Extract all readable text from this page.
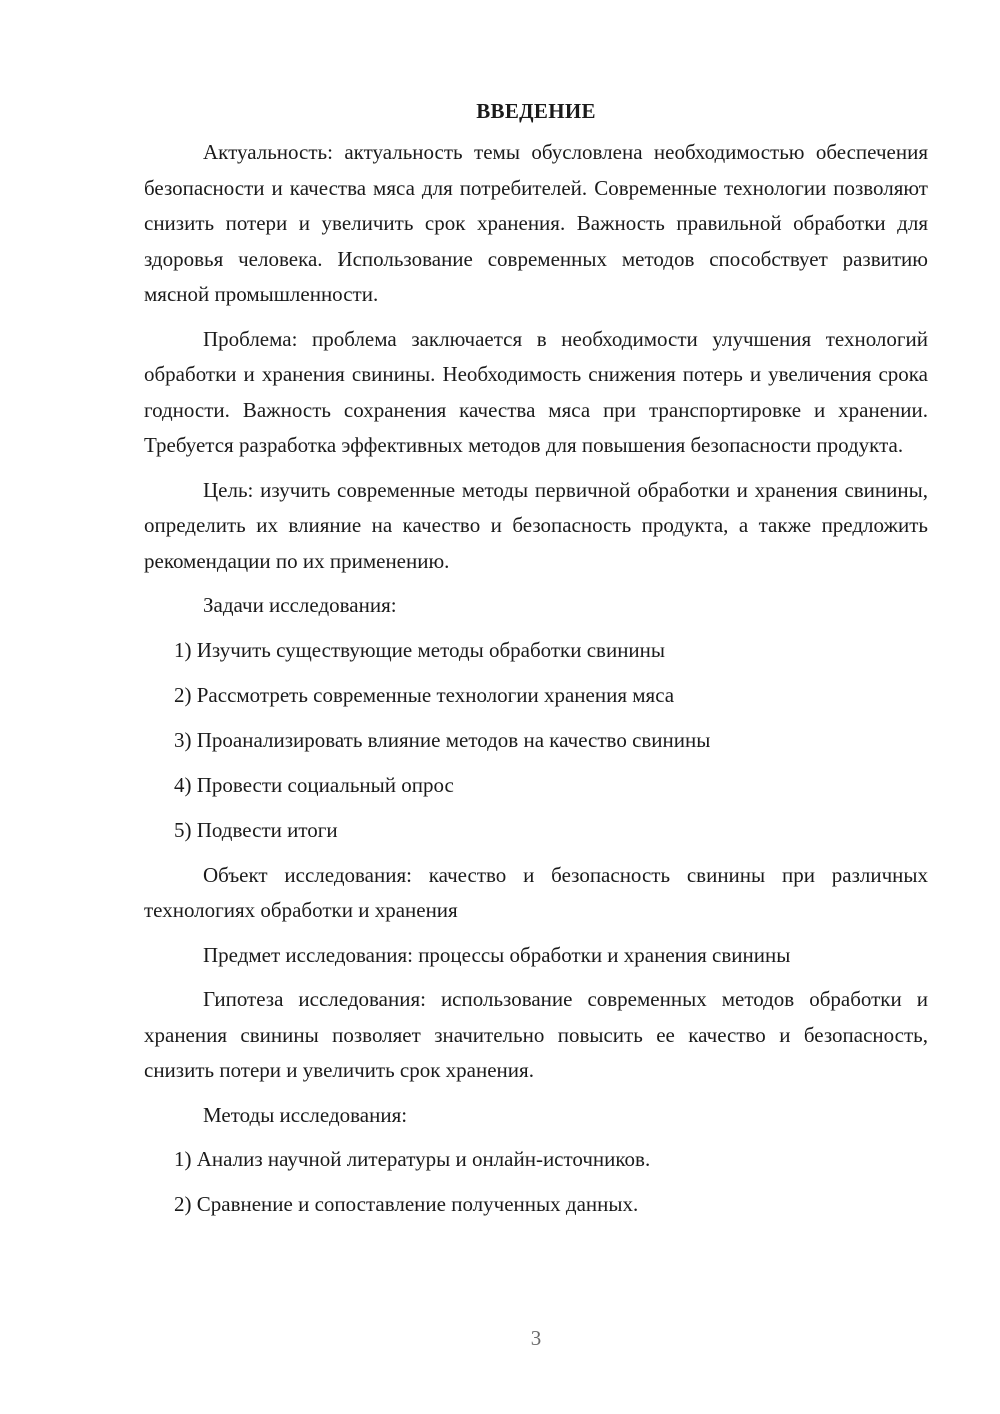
ВВЕДЕНИЕ

Актуальность: актуальность темы обусловлена необходимостью обеспечения безопасности и качества мяса для потребителей. Современные технологии позволяют снизить потери и увеличить срок хранения. Важность правильной обработки для здоровья человека. Использование современных методов способствует развитию мясной промышленности.

Проблема: проблема заключается в необходимости улучшения технологий обработки и хранения свинины. Необходимость снижения потерь и увеличения срока годности. Важность сохранения качества мяса при транспортировке и хранении. Требуется разработка эффективных методов для повышения безопасности продукта.

Цель: изучить современные методы первичной обработки и хранения свинины, определить их влияние на качество и безопасность продукта, а также предложить рекомендации по их применению.

Задачи исследования:

1) Изучить существующие методы обработки свинины
2) Рассмотреть современные технологии хранения мяса
3) Проанализировать влияние методов на качество свинины
4) Провести социальный опрос
5) Подвести итоги

Объект исследования: качество и безопасность свинины при различных технологиях обработки и хранения

Предмет исследования: процессы обработки и хранения свинины

Гипотеза исследования: использование современных методов обработки и хранения свинины позволяет значительно повысить ее качество и безопасность, снизить потери и увеличить срок хранения.

Методы исследования:

1) Анализ научной литературы и онлайн-источников.
2) Сравнение и сопоставление полученных данных.
3
